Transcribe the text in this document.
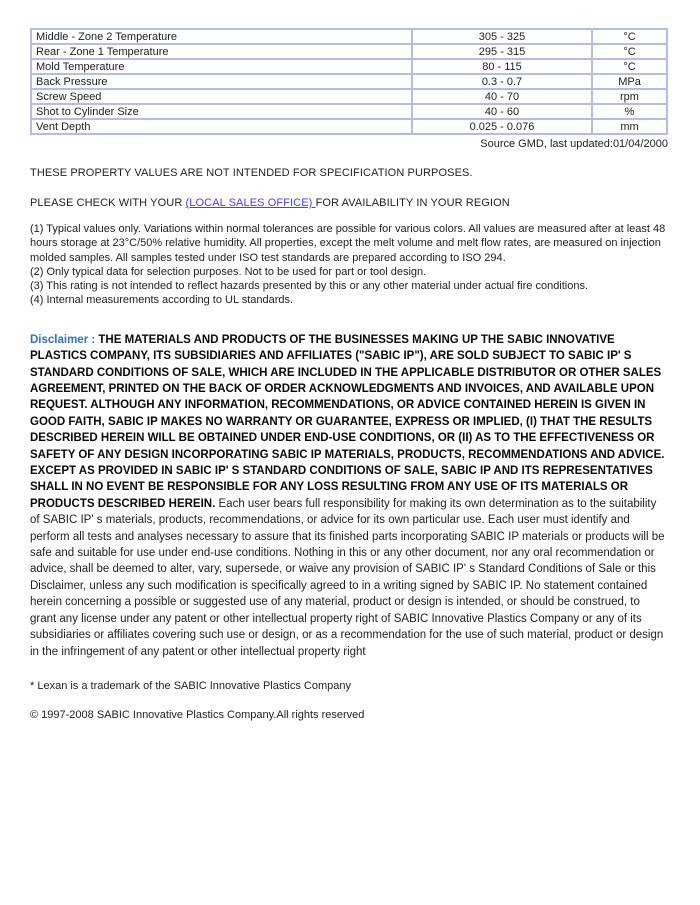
Middle - Zone 2 Temperature	305 - 325	°C
Rear - Zone 1 Temperature	295 - 315	°C
Mold Temperature	80 - 115	°C
Back Pressure	0.3 - 0.7	MPa
Screw Speed	40 - 70	rpm
Shot to Cylinder Size	40 - 60	%
Vent Depth	0.025 - 0.076	mm
Source GMD, last updated:01/04/2000
THESE PROPERTY VALUES ARE NOT INTENDED FOR SPECIFICATION PURPOSES.
PLEASE CHECK WITH YOUR (LOCAL SALES OFFICE) FOR AVAILABILITY IN YOUR REGION
(1) Typical values only. Variations within normal tolerances are possible for various colors. All values are measured after at least 48 hours storage at 23°C/50% relative humidity. All properties, except the melt volume and melt flow rates, are measured on injection molded samples. All samples tested under ISO test standards are prepared according to ISO 294.
(2) Only typical data for selection purposes. Not to be used for part or tool design.
(3) This rating is not intended to reflect hazards presented by this or any other material under actual fire conditions.
(4) Internal measurements according to UL standards.
Disclaimer : THE MATERIALS AND PRODUCTS OF THE BUSINESSES MAKING UP THE SABIC INNOVATIVE PLASTICS COMPANY, ITS SUBSIDIARIES AND AFFILIATES ("SABIC IP"), ARE SOLD SUBJECT TO SABIC IP' S STANDARD CONDITIONS OF SALE, WHICH ARE INCLUDED IN THE APPLICABLE DISTRIBUTOR OR OTHER SALES AGREEMENT, PRINTED ON THE BACK OF ORDER ACKNOWLEDGMENTS AND INVOICES, AND AVAILABLE UPON REQUEST. ALTHOUGH ANY INFORMATION, RECOMMENDATIONS, OR ADVICE CONTAINED HEREIN IS GIVEN IN GOOD FAITH, SABIC IP MAKES NO WARRANTY OR GUARANTEE, EXPRESS OR IMPLIED, (I) THAT THE RESULTS DESCRIBED HEREIN WILL BE OBTAINED UNDER END-USE CONDITIONS, OR (II) AS TO THE EFFECTIVENESS OR SAFETY OF ANY DESIGN INCORPORATING SABIC IP MATERIALS, PRODUCTS, RECOMMENDATIONS AND ADVICE. EXCEPT AS PROVIDED IN SABIC IP' S STANDARD CONDITIONS OF SALE, SABIC IP AND ITS REPRESENTATIVES SHALL IN NO EVENT BE RESPONSIBLE FOR ANY LOSS RESULTING FROM ANY USE OF ITS MATERIALS OR PRODUCTS DESCRIBED HEREIN. Each user bears full responsibility for making its own determination as to the suitability of SABIC IP' s materials, products, recommendations, or advice for its own particular use. Each user must identify and perform all tests and analyses necessary to assure that its finished parts incorporating SABIC IP materials or products will be safe and suitable for use under end-use conditions. Nothing in this or any other document, nor any oral recommendation or advice, shall be deemed to alter, vary, supersede, or waive any provision of SABIC IP' s Standard Conditions of Sale or this Disclaimer, unless any such modification is specifically agreed to in a writing signed by SABIC IP. No statement contained herein concerning a possible or suggested use of any material, product or design is intended, or should be construed, to grant any license under any patent or other intellectual property right of SABIC Innovative Plastics Company or any of its subsidiaries or affiliates covering such use or design, or as a recommendation for the use of such material, product or design in the infringement of any patent or other intellectual property right
* Lexan is a trademark of the SABIC Innovative Plastics Company
© 1997-2008 SABIC Innovative Plastics Company.All rights reserved
